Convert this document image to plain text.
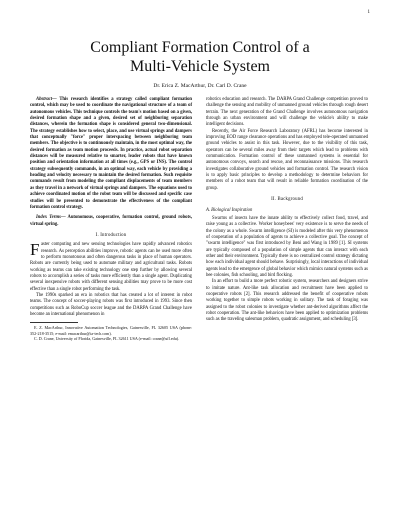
1
Compliant Formation Control of a
Multi-Vehicle System
Dr. Erica Z. MacArthur, Dr. Carl D. Crane

Abstract— This research identifies a strategy called compliant formation control, which may be used to coordinate the navigational structure of a team of autonomous vehicles. This technique controls the team's motion based on a given, desired formation shape and a given, desired set of neighboring separation distances, wherein the formation shape is considered general two-dimensional. The strategy establishes how to select, place, and use virtual springs and dampers that conceptually "force" proper interspacing between neighboring team members. The objective is to continuously maintain, in the most optimal way, the desired formation as team motion proceeds. In practice, actual robot separation distances will be measured relative to smarter, leader robots that have known position and orientation information at all times (e.g., GPS or INS). The control strategy subsequently commands, in an optimal way, each vehicle by providing a heading and velocity necessary to maintain the desired formation. Such requisite commands result from modeling the compliant displacements of team members as they travel in a network of virtual springs and dampers. The equations used to achieve coordinated motion of the robot team will be discussed and specific case studies will be presented to demonstrate the effectiveness of the compliant formation control strategy.

Index Terms— Autonomous, cooperative, formation control, ground robots, virtual spring.

I. Introduction

Faster computing and new sensing technologies have rapidly advanced robotics research. As perception abilities improve, robotic agents can be used more often to perform monotonous and often dangerous tasks in place of human operators. Robots are currently being used to automate military and agricultural tasks. Robots working as teams can take existing technology one step further by allowing several robots to accomplish a series of tasks more efficiently than a single agent. Duplicating several inexpensive robots with different sensing abilities may prove to be more cost effective than a single robot performing the task.

The 1990s sparked an era in robotics that has created a lot of interest in robot teams. The concept of soccer-playing robots was first introduced in 1993. Since then competitions such as RoboCup soccer league and the DARPA Grand Challenge have become an international phenomenon in

E. Z. MacArthur, Innovative Automation Technologies, Gainesville, FL 32605 USA (phone: 352-218-3515; e-mail: emacarthur@ia-tech.com).

C. D. Crane, University of Florida, Gainesville, FL 32611 USA (e-mail: crane@ufl.edu).

robotics education and research. The DARPA Grand Challenge competition proved to challenge the sensing and mobility of unmanned ground vehicles through rough desert terrain. The next generation of the Grand Challenge involves autonomous navigation through an urban environment and will challenge the vehicle's ability to make intelligent decisions.

Recently, the Air Force Research Laboratory (AFRL) has become interested in improving EOD range clearance operations and has employed tele-operated unmanned ground vehicles to assist in this task. However, due to the visibility of this task, operators can be several miles away from their targets which lead to problems with communication. Formation control of these unmanned systems is essential for autonomous convoys, search and rescue, and reconnaissance missions. This research investigates collaborative ground vehicles and formation control. The research vision is to apply basic principles to develop a methodology to determine behaviors for members of a robot team that will result in reliable formation coordination of the group.

II. Background
A. Biological Inspiration

Swarms of insects have the innate ability to effectively collect food, travel, and raise young as a collective. Worker honeybees' very existence is to serve the needs of the colony as a whole. Swarm intelligence (SI) is modeled after this very phenomenon of cooperation of a population of agents to achieve a collective goal. The concept of "swarm intelligence" was first introduced by Beni and Wang in 1989 [1]. SI systems are typically composed of a population of simple agents that can interact with each other and their environment. Typically there is no centralized control strategy dictating how each individual agent should behave. Surprisingly, local interactions of individual agents lead to the emergence of global behavior which mimics natural systems such as bee colonies, fish schooling, and bird flocking.

In an effort to build a more perfect robotic system, researchers and designers strive to imitate nature. Ant-like task allocation and recruitment have been applied to cooperative robots [2]. This research addressed the benefit of cooperative robots working together to simple robots working in solitary. The task of foraging was assigned to the robot colonies to investigate whether ant-derived algorithms affect the robot cooperation. The ant-like behaviors have been applied to optimization problems such as the traveling salesman problem, quadratic assignment, and scheduling [3].
